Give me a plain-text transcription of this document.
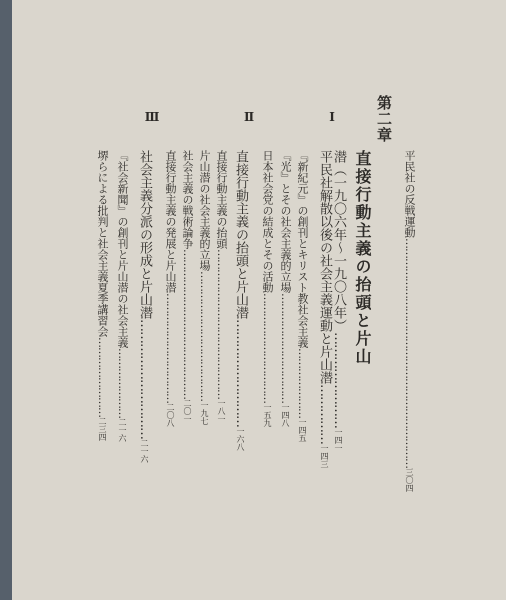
平民社の反戦運動……………………………………………………………三〇四
第二章
直接行動主義の抬頭と片山
潜（一九〇六年〜一九〇八年）……………………一四一
Ⅰ
平民社解散以後の社会主義運動と片山潜……………一四三
『新紀元』の創刊とキリスト教社会主義…………………一四五
『光』とその社会主義的立場……………………………一四八
日本社会党の結成とその活動……………………………一五九
Ⅱ
直接行動主義の抬頭と片山潜………………………一六八
直接行動主義の抬頭………………………………………一八一
片山潜の社会主義的立場…………………………………一九七
社会主義の戦術論争………………………………………二〇一
直接行動主義の発展と片山潜……………………………二〇八
Ⅲ
社会主義分派の形成と片山潜…………………………二一六
『社会新聞』の創刊と片山潜の社会主義…………………二一六
堺らによる批判と社会主義夏季講習会……………………二三四
